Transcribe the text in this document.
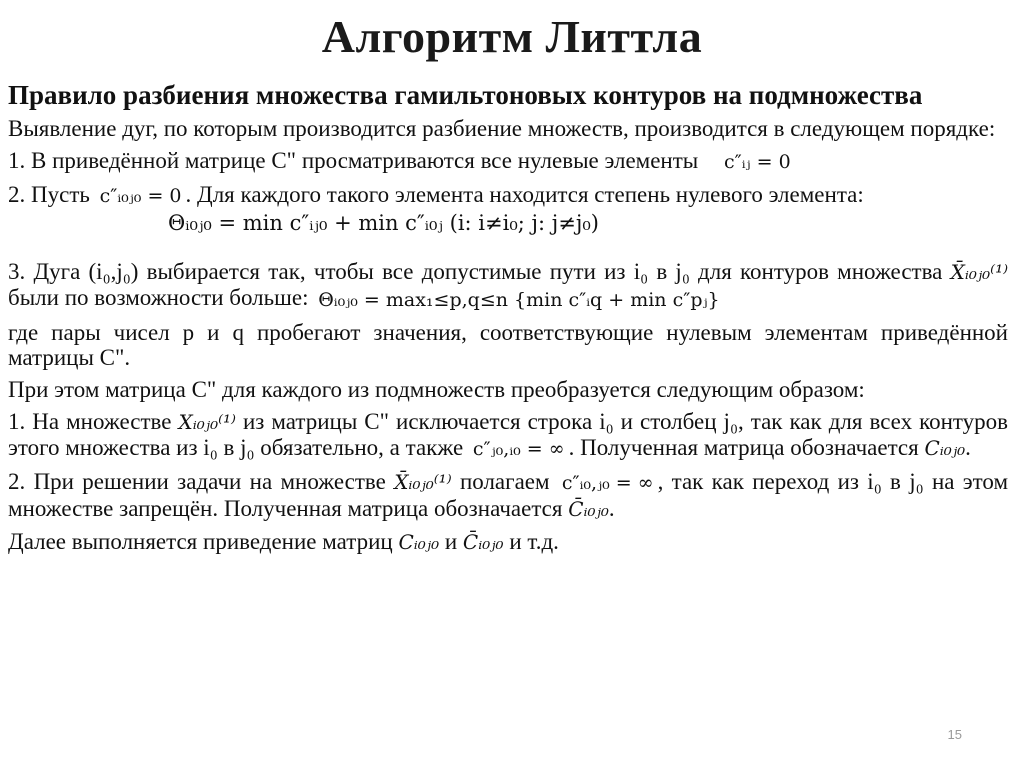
Алгоритм Литтла
Правило разбиения множества гамильтоновых контуров на подмножества
Выявление дуг, по которым производится разбиение множеств, производится в следующем порядке:
1. В приведённой матрице С" просматриваются все нулевые элементы c″ᵢⱼ = 0
2. Пусть c″ᵢ₀ⱼ₀ = 0 . Для каждого такого элемента находится степень нулевого элемента:
Θᵢ₀ⱼ₀ = min c″ᵢⱼ₀ + min c″ᵢ₀ⱼ (i: i≠i₀; j: j≠j₀)
3. Дуга (i₀,j₀) выбирается так, чтобы все допустимые пути из i₀ в j₀ для контуров множества X̄ᵢ₀ⱼ₀⁽¹⁾ были по возможности больше: Θᵢ₀ⱼ₀ = max₁≤p,q≤n {min c″ᵢq + min c″pⱼ}
где пары чисел p и q пробегают значения, соответствующие нулевым элементам приведённой матрицы С".
При этом матрица С" для каждого из подмножеств преобразуется следующим образом:
1. На множестве Xᵢ₀ⱼ₀⁽¹⁾ из матрицы С" исключается строка i₀ и столбец j₀, так как для всех контуров этого множества из i₀ в j₀ обязательно, а также c″ⱼ₀,ᵢ₀ = ∞ . Полученная матрица обозначается Cᵢ₀ⱼ₀.
2. При решении задачи на множестве X̄ᵢ₀ⱼ₀⁽¹⁾ полагаем c″ᵢ₀,ⱼ₀ = ∞ , так как переход из i₀ в j₀ на этом множестве запрещён. Полученная матрица обозначается C̄ᵢ₀ⱼ₀.
Далее выполняется приведение матриц Cᵢ₀ⱼ₀ и C̄ᵢ₀ⱼ₀ и т.д.
15
